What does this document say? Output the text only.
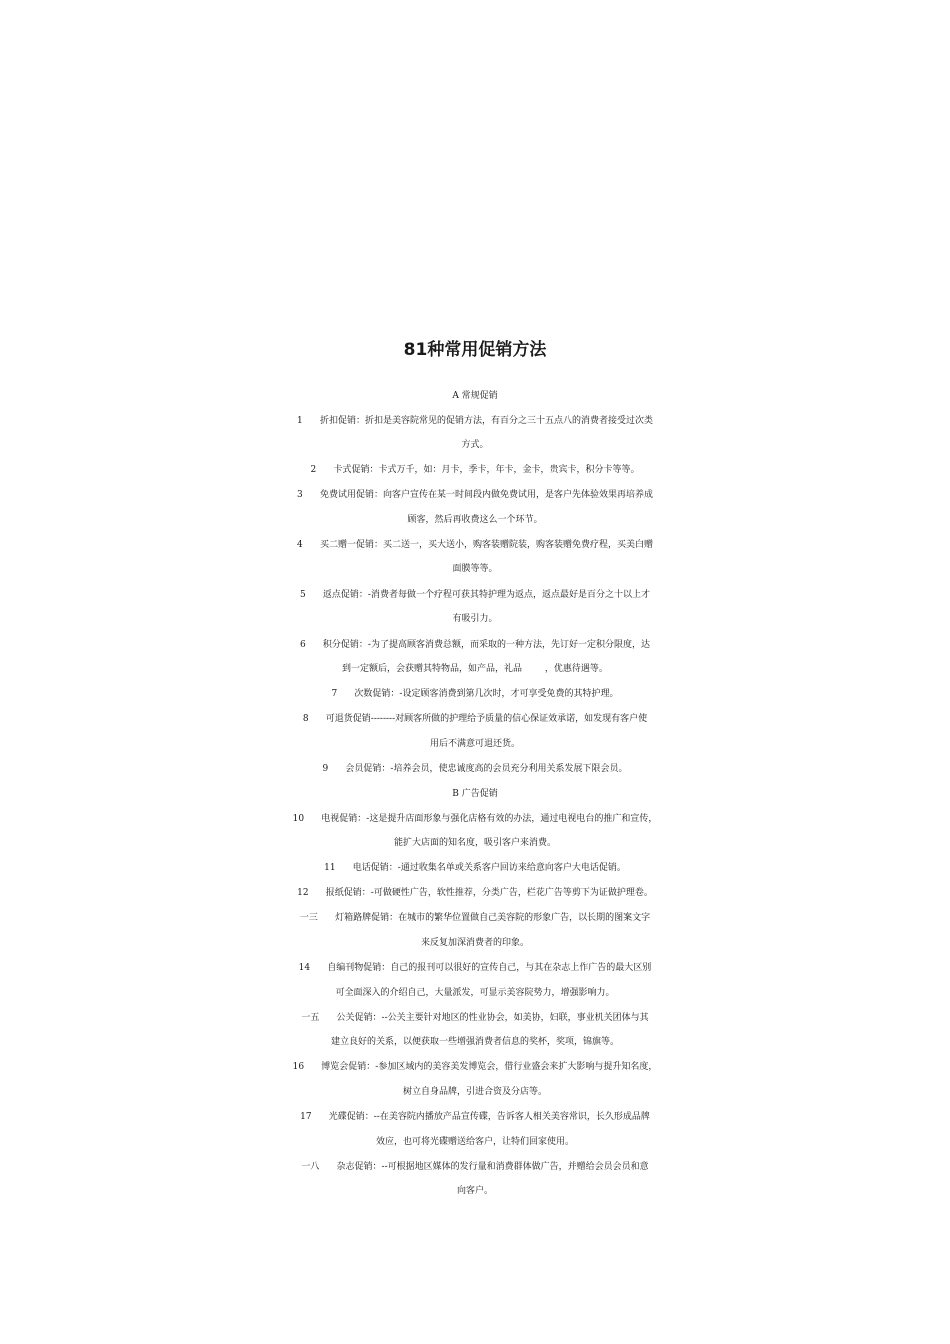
81种常用促销方法
A 常规促销
1 折扣促销：折扣是美容院常见的促销方法，有百分之三十五点八的消费者接受过次类
方式。
2 卡式促销：卡式万千，如：月卡，季卡，年卡，金卡，贵宾卡，积分卡等等。
3 免费试用促销：向客户宣传在某一时间段内做免费试用，是客户先体验效果再培养成
顾客，然后再收费这么一个环节。
4 买二赠一促销：买二送一，买大送小，购客装赠院装，购客装赠免费疗程，买美白赠
面膜等等。
5 返点促销：-消费者每做一个疗程可获其特护理为返点，返点最好是百分之十以上才
有吸引力。
6 积分促销：-为了提高顾客消费总额，而采取的一种方法，先订好一定积分限度，达
到一定额后，会获赠其特物品，如产品，礼品        ，优惠待遇等。
7 次数促销：-设定顾客消费到第几次时，才可享受免费的其特护理。
8 可退货促销--------对顾客所做的护理给予质量的信心保证效承诺，如发现有客户使
用后不满意可退还货。
9 会员促销：-培养会员，使忠诚度高的会员充分利用关系发展下限会员。
B 广告促销
10 电视促销：-这是提升店面形象与强化店格有效的办法，通过电视电台的推广和宣传，
能扩大店面的知名度，吸引客户来消费。
11 电话促销：-通过收集名单或关系客户回访来给意向客户大电话促销。
12 报纸促销：-可做硬性广告，软性推荐，分类广告，栏花广告等剪下为证做护理卷。
一三 灯箱路牌促销：在城市的繁华位置做自己美容院的形象广告，以长期的图案文字
来反复加深消费者的印象。
14 自编刊物促销：自己的报刊可以很好的宣传自己，与其在杂志上作广告的最大区别
可全面深入的介绍自己，大量派发，可显示美容院势力，增强影响力。
一五 公关促销：--公关主要针对地区的性业协会，如美协，妇联，事业机关团体与其
建立良好的关系，以便获取一些增强消费者信息的奖杯，奖项，锦旗等。
16 博览会促销：-参加区域内的美容美发博览会，借行业盛会来扩大影响与提升知名度，
树立自身品牌，引进合资及分店等。
17 光碟促销：--在美容院内播放产品宣传碟，告诉客人相关美容常识，长久形成品牌
效应，也可将光碟赠送给客户，让特们回家使用。
一八 杂志促销：--可根据地区媒体的发行量和消费群体做广告，并赠给会员会员和意
向客户。
